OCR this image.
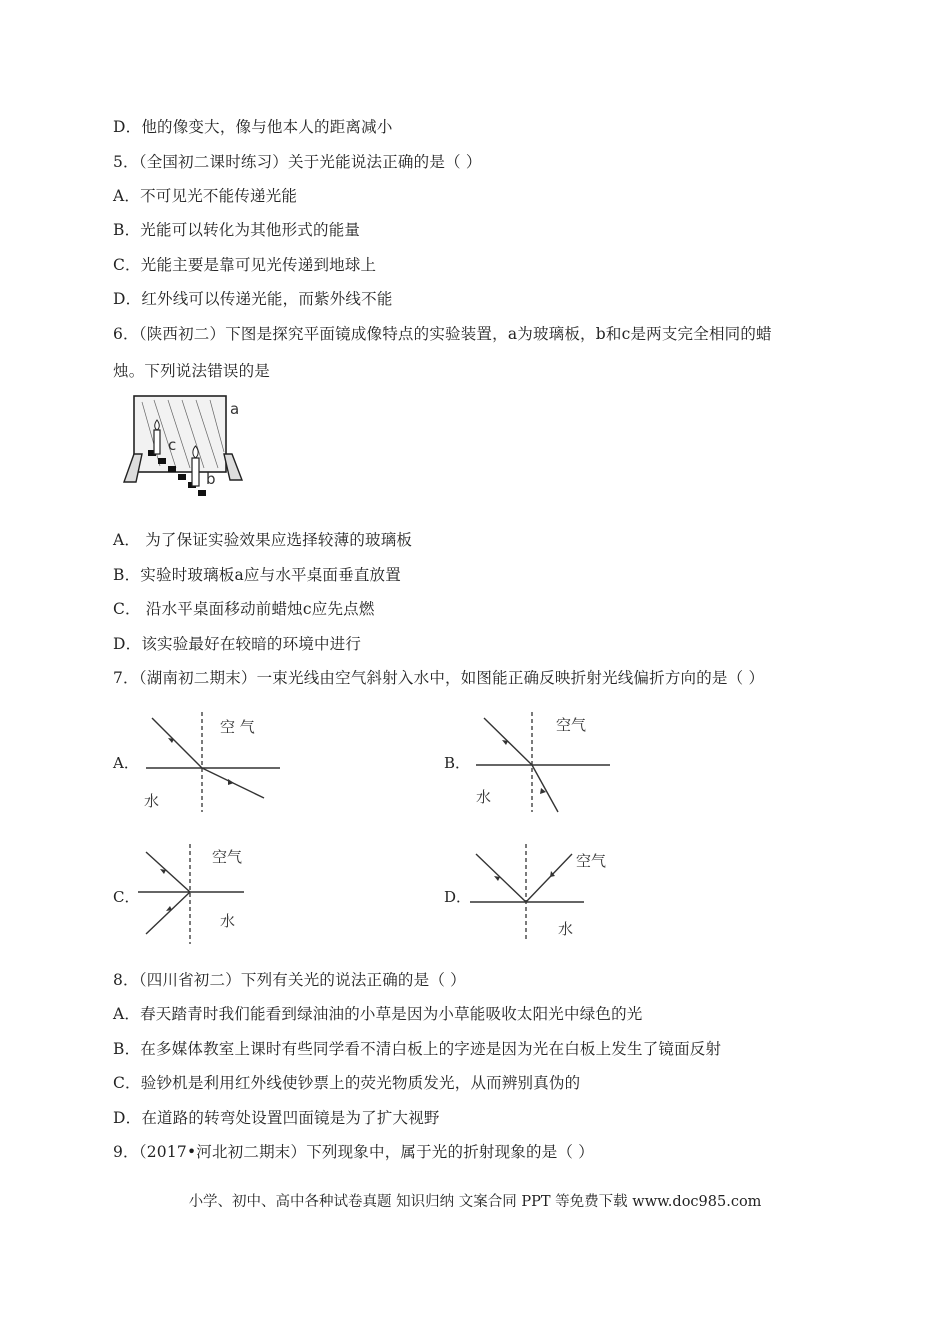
D．他的像变大，像与他本人的距离减小
5．（全国初二课时练习）关于光能说法正确的是（ ）
A．不可见光不能传递光能
B．光能可以转化为其他形式的能量
C．光能主要是靠可见光传递到地球上
D．红外线可以传递光能，而紫外线不能
6．（陕西初二）下图是探究平面镜成像特点的实验装置，a为玻璃板，b和c是两支完全相同的蜡
烛。下列说法错误的是
a
c
b
A． 为了保证实验效果应选择较薄的玻璃板
B．实验时玻璃板a应与水平桌面垂直放置
C． 沿水平桌面移动前蜡烛c应先点燃
D．该实验最好在较暗的环境中进行
7．（湖南初二期末）一束光线由空气斜射入水中，如图能正确反映折射光线偏折方向的是（ ）
A．
空 气
水
B．
空气
水
C．
空气
水
D．
空气
水
8．（四川省初二）下列有关光的说法正确的是（ ）
A．春天踏青时我们能看到绿油油的小草是因为小草能吸收太阳光中绿色的光
B．在多媒体教室上课时有些同学看不清白板上的字迹是因为光在白板上发生了镜面反射
C．验钞机是利用红外线使钞票上的荧光物质发光，从而辨别真伪的
D．在道路的转弯处设置凹面镜是为了扩大视野
9．（2017•河北初二期末）下列现象中，属于光的折射现象的是（ ）
小学、初中、高中各种试卷真题 知识归纳 文案合同 PPT 等免费下载 www.doc985.com
